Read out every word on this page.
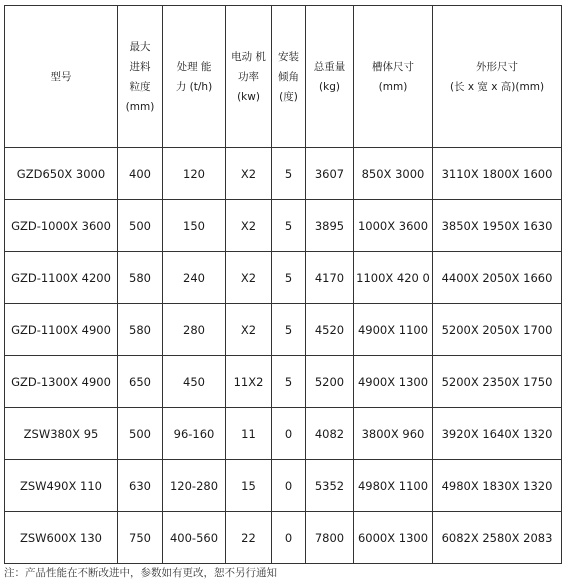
型号	最大
进料
粒度
(mm)	处理 能
力 (t/h)	电动 机
功率
(kw)	安装
倾角
(度)	总重量
(kg)	槽体尺寸
(mm)	外形尺寸
(长 x 宽 x 高)(mm)

GZD650X 3000	400	120	X2	5	3607	850X 3000	3110X 1800X 1600
GZD-1000X 3600	500	150	X2	5	3895	1000X 3600	3850X 1950X 1630
GZD-1100X 4200	580	240	X2	5	4170	1100X 420 0	4400X 2050X 1660
GZD-1100X 4900	580	280	X2	5	4520	4900X 1100	5200X 2050X 1700
GZD-1300X 4900	650	450	11X2	5	5200	4900X 1300	5200X 2350X 1750
ZSW380X 95	500	96-160	11	0	4082	3800X 960	3920X 1640X 1320
ZSW490X 110	630	120-280	15	0	5352	4980X 1100	4980X 1830X 1320
ZSW600X 130	750	400-560	22	0	7800	6000X 1300	6082X 2580X 2083
注：产品性能在不断改进中，参数如有更改，恕不另行通知
